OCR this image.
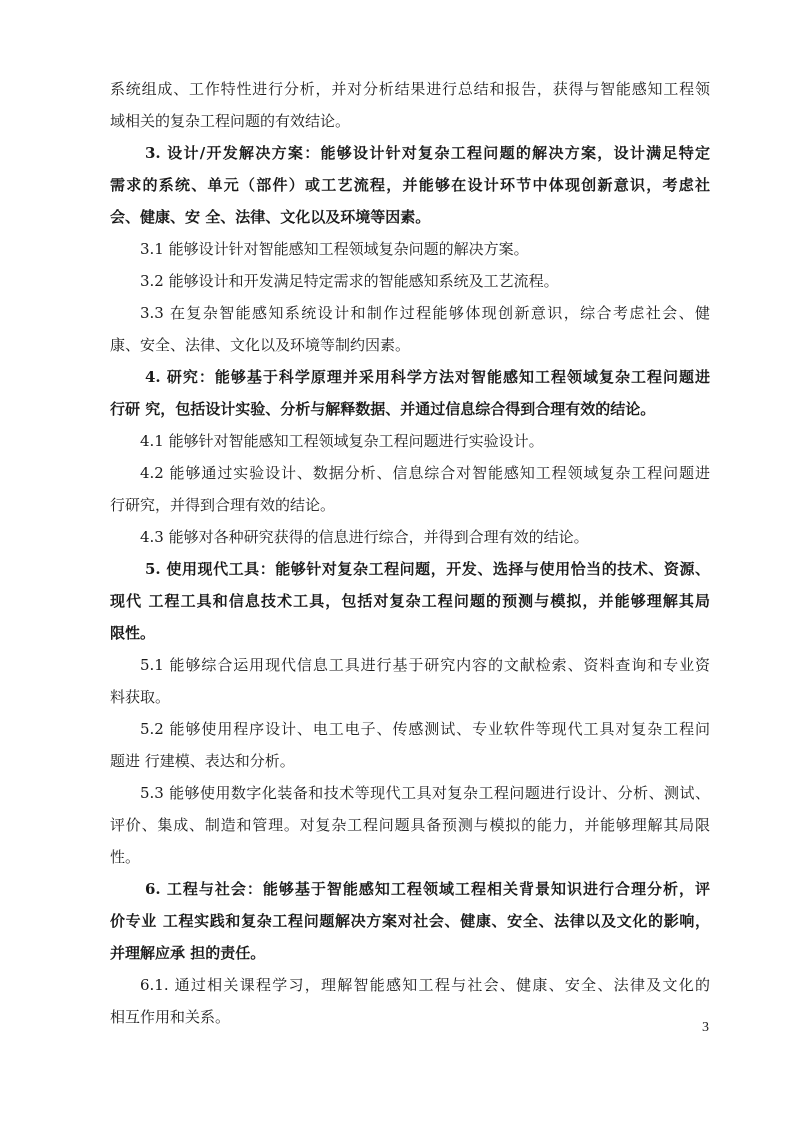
系统组成、工作特性进行分析，并对分析结果进行总结和报告，获得与智能感知工程领
域相关的复杂工程问题的有效结论。
3. 设计/开发解决方案：能够设计针对复杂工程问题的解决方案，设计满足特定
需求的系统、单元（部件）或工艺流程，并能够在设计环节中体现创新意识，考虑社
会、健康、安 全、法律、文化以及环境等因素。
3.1 能够设计针对智能感知工程领域复杂问题的解决方案。
3.2 能够设计和开发满足特定需求的智能感知系统及工艺流程。
3.3 在复杂智能感知系统设计和制作过程能够体现创新意识，综合考虑社会、健
康、安全、法律、文化以及环境等制约因素。
4. 研究：能够基于科学原理并采用科学方法对智能感知工程领域复杂工程问题进
行研 究，包括设计实验、分析与解释数据、并通过信息综合得到合理有效的结论。
4.1 能够针对智能感知工程领域复杂工程问题进行实验设计。
4.2 能够通过实验设计、数据分析、信息综合对智能感知工程领域复杂工程问题进
行研究，并得到合理有效的结论。
4.3 能够对各种研究获得的信息进行综合，并得到合理有效的结论。
5. 使用现代工具：能够针对复杂工程问题，开发、选择与使用恰当的技术、资源、
现代 工程工具和信息技术工具，包括对复杂工程问题的预测与模拟，并能够理解其局
限性。
5.1 能够综合运用现代信息工具进行基于研究内容的文献检索、资料查询和专业资
料获取。
5.2 能够使用程序设计、电工电子、传感测试、专业软件等现代工具对复杂工程问
题进 行建模、表达和分析。
5.3 能够使用数字化装备和技术等现代工具对复杂工程问题进行设计、分析、测试、
评价、集成、制造和管理。对复杂工程问题具备预测与模拟的能力，并能够理解其局限
性。
6. 工程与社会：能够基于智能感知工程领域工程相关背景知识进行合理分析，评
价专业 工程实践和复杂工程问题解决方案对社会、健康、安全、法律以及文化的影响，
并理解应承 担的责任。
6.1. 通过相关课程学习，理解智能感知工程与社会、健康、安全、法律及文化的
相互作用和关系。
3
